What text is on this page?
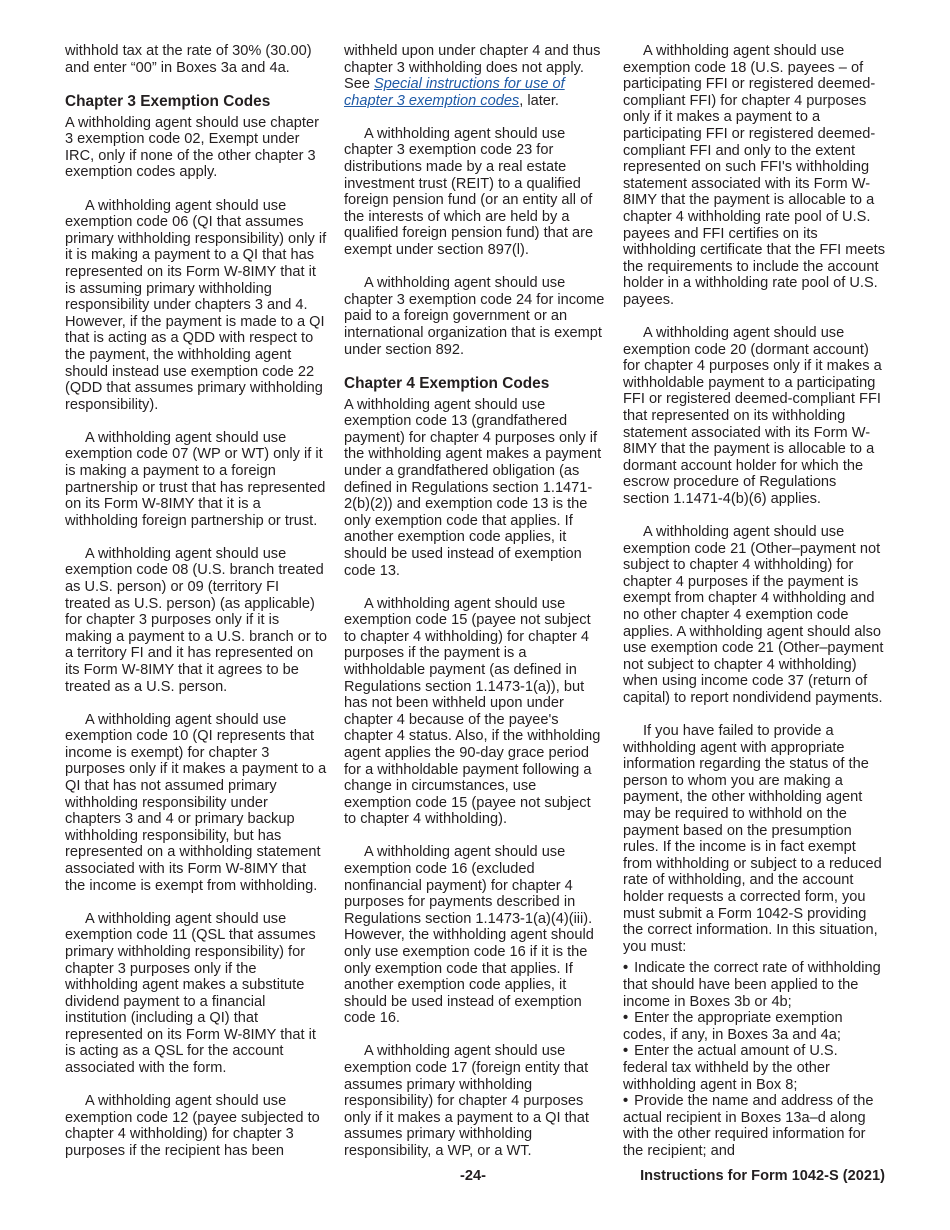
withhold tax at the rate of 30% (30.00) and enter “00” in Boxes 3a and 4a.

Chapter 3 Exemption Codes

A withholding agent should use chapter 3 exemption code 02, Exempt under IRC, only if none of the other chapter 3 exemption codes apply.

A withholding agent should use exemption code 06 (QI that assumes primary withholding responsibility) only if it is making a payment to a QI that has represented on its Form W-8IMY that it is assuming primary withholding responsibility under chapters 3 and 4. However, if the payment is made to a QI that is acting as a QDD with respect to the payment, the withholding agent should instead use exemption code 22 (QDD that assumes primary withholding responsibility).

A withholding agent should use exemption code 07 (WP or WT) only if it is making a payment to a foreign partnership or trust that has represented on its Form W-8IMY that it is a withholding foreign partnership or trust.

A withholding agent should use exemption code 08 (U.S. branch treated as U.S. person) or 09 (territory FI treated as U.S. person) (as applicable) for chapter 3 purposes only if it is making a payment to a U.S. branch or to a territory FI and it has represented on its Form W-8IMY that it agrees to be treated as a U.S. person.

A withholding agent should use exemption code 10 (QI represents that income is exempt) for chapter 3 purposes only if it makes a payment to a QI that has not assumed primary withholding responsibility under chapters 3 and 4 or primary backup withholding responsibility, but has represented on a withholding statement associated with its Form W-8IMY that the income is exempt from withholding.

A withholding agent should use exemption code 11 (QSL that assumes primary withholding responsibility) for chapter 3 purposes only if the withholding agent makes a substitute dividend payment to a financial institution (including a QI) that represented on its Form W-8IMY that it is acting as a QSL for the account associated with the form.

A withholding agent should use exemption code 12 (payee subjected to chapter 4 withholding) for chapter 3 purposes if the recipient has been

withheld upon under chapter 4 and thus chapter 3 withholding does not apply. See Special instructions for use of chapter 3 exemption codes, later.

A withholding agent should use chapter 3 exemption code 23 for distributions made by a real estate investment trust (REIT) to a qualified foreign pension fund (or an entity all of the interests of which are held by a qualified foreign pension fund) that are exempt under section 897(l).

A withholding agent should use chapter 3 exemption code 24 for income paid to a foreign government or an international organization that is exempt under section 892.

Chapter 4 Exemption Codes

A withholding agent should use exemption code 13 (grandfathered payment) for chapter 4 purposes only if the withholding agent makes a payment under a grandfathered obligation (as defined in Regulations section 1.1471-2(b)(2)) and exemption code 13 is the only exemption code that applies. If another exemption code applies, it should be used instead of exemption code 13.

A withholding agent should use exemption code 15 (payee not subject to chapter 4 withholding) for chapter 4 purposes if the payment is a withholdable payment (as defined in Regulations section 1.1473-1(a)), but has not been withheld upon under chapter 4 because of the payee's chapter 4 status. Also, if the withholding agent applies the 90-day grace period for a withholdable payment following a change in circumstances, use exemption code 15 (payee not subject to chapter 4 withholding).

A withholding agent should use exemption code 16 (excluded nonfinancial payment) for chapter 4 purposes for payments described in Regulations section 1.1473-1(a)(4)(iii). However, the withholding agent should only use exemption code 16 if it is the only exemption code that applies. If another exemption code applies, it should be used instead of exemption code 16.

A withholding agent should use exemption code 17 (foreign entity that assumes primary withholding responsibility) for chapter 4 purposes only if it makes a payment to a QI that assumes primary withholding responsibility, a WP, or a WT.

A withholding agent should use exemption code 18 (U.S. payees – of participating FFI or registered deemed-compliant FFI) for chapter 4 purposes only if it makes a payment to a participating FFI or registered deemed-compliant FFI and only to the extent represented on such FFI's withholding statement associated with its Form W-8IMY that the payment is allocable to a chapter 4 withholding rate pool of U.S. payees and FFI certifies on its withholding certificate that the FFI meets the requirements to include the account holder in a withholding rate pool of U.S. payees.

A withholding agent should use exemption code 20 (dormant account) for chapter 4 purposes only if it makes a withholdable payment to a participating FFI or registered deemed-compliant FFI that represented on its withholding statement associated with its Form W-8IMY that the payment is allocable to a dormant account holder for which the escrow procedure of Regulations section 1.1471-4(b)(6) applies.

A withholding agent should use exemption code 21 (Other–payment not subject to chapter 4 withholding) for chapter 4 purposes if the payment is exempt from chapter 4 withholding and no other chapter 4 exemption code applies. A withholding agent should also use exemption code 21 (Other–payment not subject to chapter 4 withholding) when using income code 37 (return of capital) to report nondividend payments.

If you have failed to provide a withholding agent with appropriate information regarding the status of the person to whom you are making a payment, the other withholding agent may be required to withhold on the payment based on the presumption rules. If the income is in fact exempt from withholding or subject to a reduced rate of withholding, and the account holder requests a corrected form, you must submit a Form 1042-S providing the correct information. In this situation, you must:

• Indicate the correct rate of withholding that should have been applied to the income in Boxes 3b or 4b;
• Enter the appropriate exemption codes, if any, in Boxes 3a and 4a;
• Enter the actual amount of U.S. federal tax withheld by the other withholding agent in Box 8;
• Provide the name and address of the actual recipient in Boxes 13a–d along with the other required information for the recipient; and
-24-	Instructions for Form 1042-S (2021)
